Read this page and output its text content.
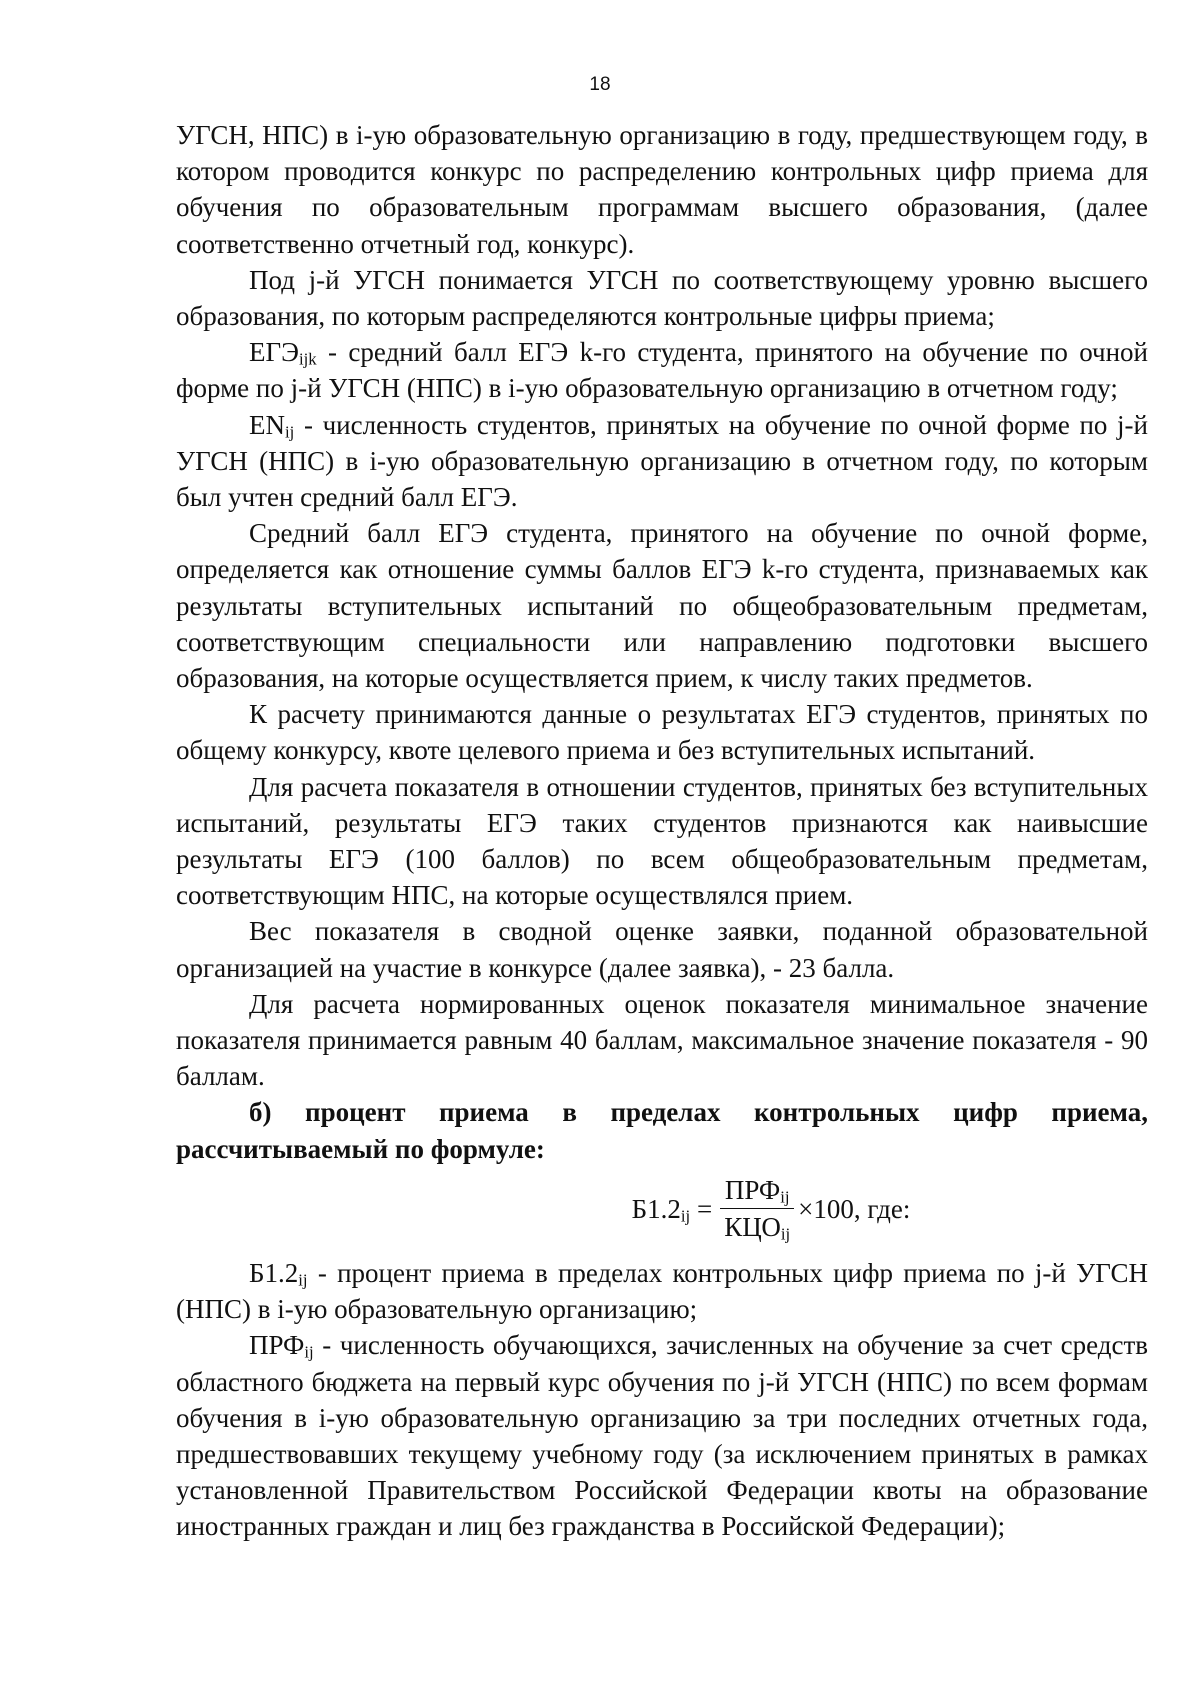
18

УГСН, НПС) в i-ую образовательную организацию в году, предшествующем году, в котором проводится конкурс по распределению контрольных цифр приема для обучения по образовательным программам высшего образования, (далее соответственно отчетный год, конкурс).

Под j-й УГСН понимается УГСН по соответствующему уровню высшего образования, по которым распределяются контрольные цифры приема;

$ЕГЭ_{ijk}$ - средний балл ЕГЭ k-го студента, принятого на обучение по очной форме по j-й УГСН (НПС) в i-ую образовательную организацию в отчетном году;

$EN_{ij}$ - численность студентов, принятых на обучение по очной форме по j-й УГСН (НПС) в i-ую образовательную организацию в отчетном году, по которым был учтен средний балл ЕГЭ.

Средний балл ЕГЭ студента, принятого на обучение по очной форме, определяется как отношение суммы баллов ЕГЭ k-го студента, признаваемых как результаты вступительных испытаний по общеобразовательным предметам, соответствующим специальности или направлению подготовки высшего образования, на которые осуществляется прием, к числу таких предметов.

К расчету принимаются данные о результатах ЕГЭ студентов, принятых по общему конкурсу, квоте целевого приема и без вступительных испытаний.

Для расчета показателя в отношении студентов, принятых без вступительных испытаний, результаты ЕГЭ таких студентов признаются как наивысшие результаты ЕГЭ (100 баллов) по всем общеобразовательным предметам, соответствующим НПС, на которые осуществлялся прием.

Вес показателя в сводной оценке заявки, поданной образовательной организацией на участие в конкурсе (далее заявка), - 23 балла.

Для расчета нормированных оценок показателя минимальное значение показателя принимается равным 40 баллам, максимальное значение показателя - 90 баллам.

б) процент приема в пределах контрольных цифр приема, рассчитываемый по формуле:

$Б1.2_{ij} = \frac{ПРФ_{ij}}{КЦО_{ij}} \times 100$, где:

$Б1.2_{ij}$ - процент приема в пределах контрольных цифр приема по j-й УГСН (НПС) в i-ую образовательную организацию;

$ПРФ_{ij}$ - численность обучающихся, зачисленных на обучение за счет средств областного бюджета на первый курс обучения по j-й УГСН (НПС) по всем формам обучения в i-ую образовательную организацию за три последних отчетных года, предшествовавших текущему учебному году (за исключением принятых в рамках установленной Правительством Российской Федерации квоты на образование иностранных граждан и лиц без гражданства в Российской Федерации);
